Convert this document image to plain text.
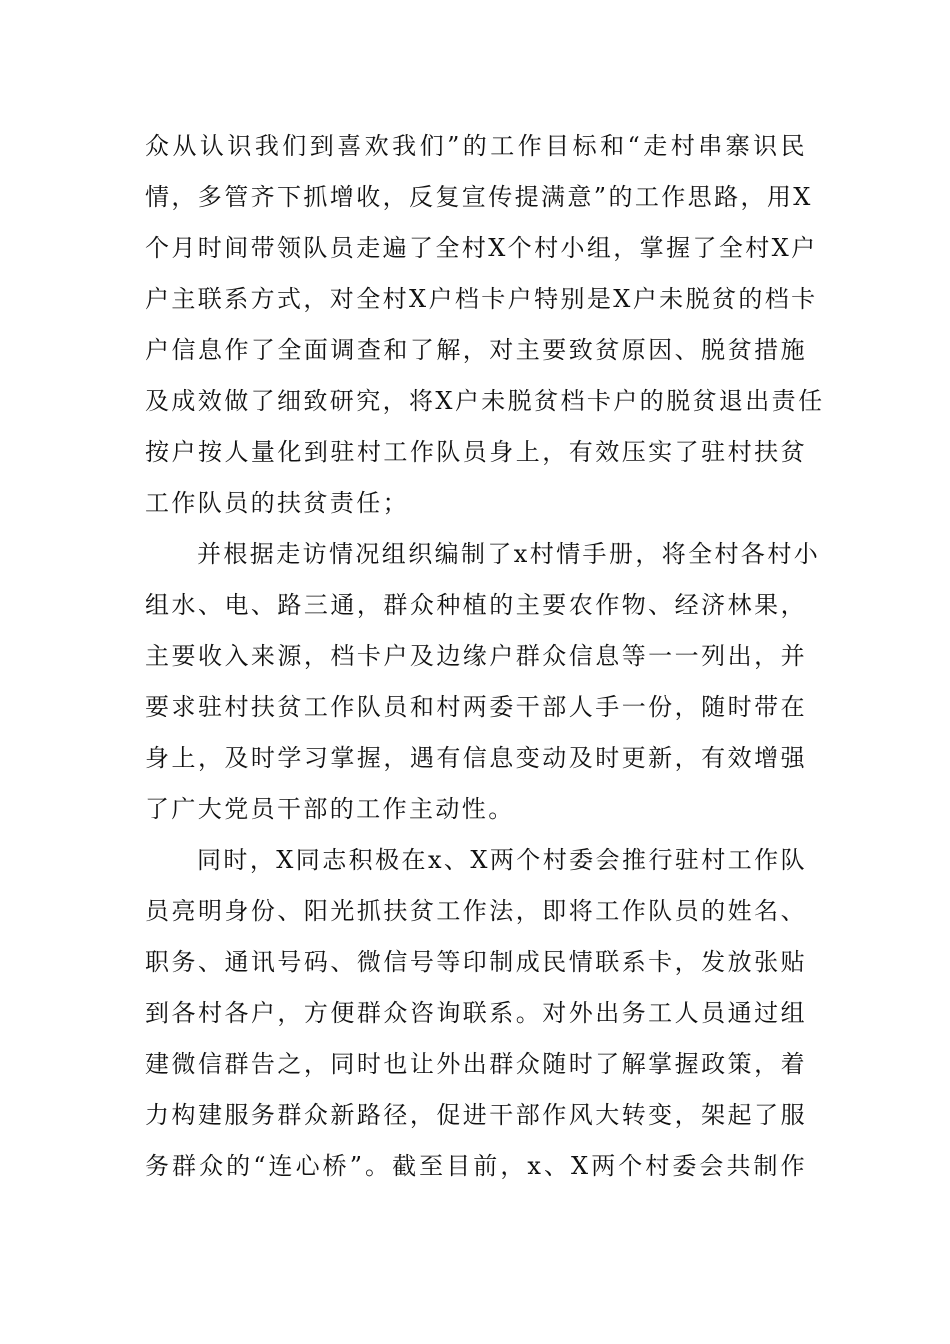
众从认识我们到喜欢我们”的工作目标和“走村串寨识民
情，多管齐下抓增收，反复宣传提满意”的工作思路，用X
个月时间带领队员走遍了全村X个村小组，掌握了全村X户
户主联系方式，对全村X户档卡户特别是X户未脱贫的档卡
户信息作了全面调查和了解，对主要致贫原因、脱贫措施
及成效做了细致研究，将X户未脱贫档卡户的脱贫退出责任
按户按人量化到驻村工作队员身上，有效压实了驻村扶贫
工作队员的扶贫责任；
并根据走访情况组织编制了x村情手册，将全村各村小
组水、电、路三通，群众种植的主要农作物、经济林果，
主要收入来源，档卡户及边缘户群众信息等一一列出，并
要求驻村扶贫工作队员和村两委干部人手一份，随时带在
身上，及时学习掌握，遇有信息变动及时更新，有效增强
了广大党员干部的工作主动性。
同时，X同志积极在x、X两个村委会推行驻村工作队
员亮明身份、阳光抓扶贫工作法，即将工作队员的姓名、
职务、通讯号码、微信号等印制成民情联系卡，发放张贴
到各村各户，方便群众咨询联系。对外出务工人员通过组
建微信群告之，同时也让外出群众随时了解掌握政策，着
力构建服务群众新路径，促进干部作风大转变，架起了服
务群众的“连心桥”。截至目前，x、X两个村委会共制作
